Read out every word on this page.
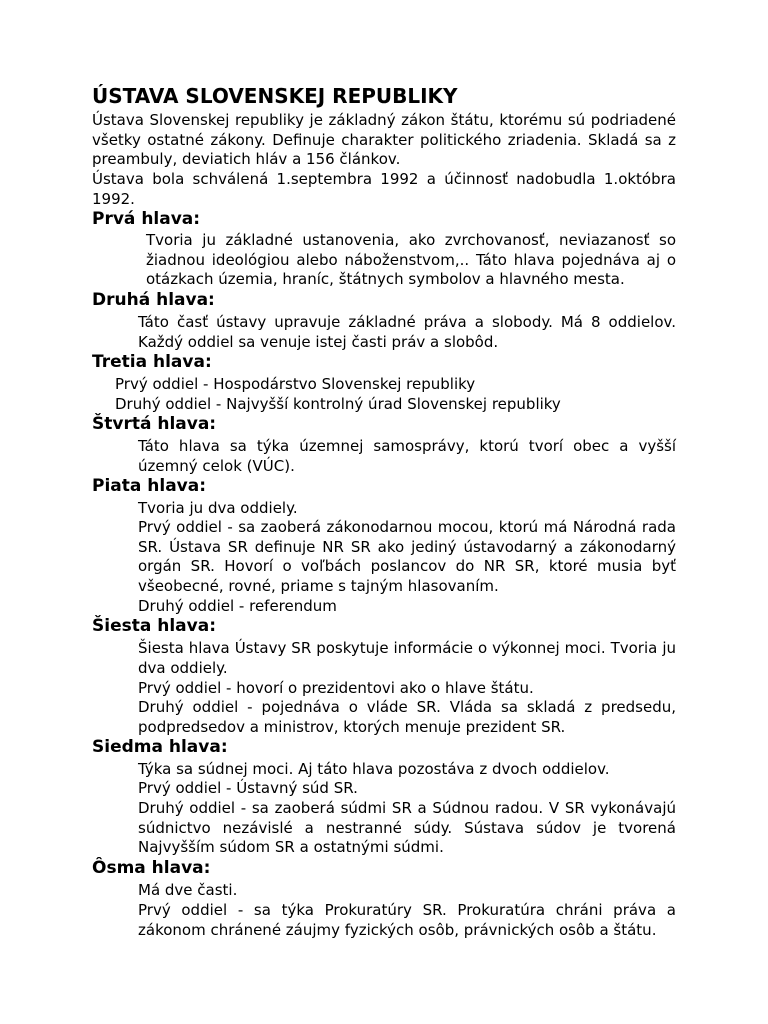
ÚSTAVA SLOVENSKEJ REPUBLIKY

Ústava Slovenskej republiky je základný zákon štátu, ktorému sú podriadené všetky ostatné zákony. Definuje charakter politického zriadenia. Skladá sa z preambuly, deviatich hláv a 156 článkov.

Ústava bola schválená 1.septembra 1992 a účinnosť nadobudla 1.októbra 1992.

Prvá hlava:

Tvoria ju základné ustanovenia, ako zvrchovanosť, neviazanosť so žiadnou ideológiou alebo náboženstvom,.. Táto hlava pojednáva aj o otázkach územia, hraníc, štátnych symbolov a hlavného mesta.

Druhá hlava:

Táto časť ústavy upravuje základné práva a slobody. Má 8 oddielov. Každý oddiel sa venuje istej časti práv a slobôd.

Tretia hlava:

Prvý oddiel - Hospodárstvo Slovenskej republiky

Druhý oddiel - Najvyšší kontrolný úrad Slovenskej republiky

Štvrtá hlava:

Táto hlava sa týka územnej samosprávy, ktorú tvorí obec a vyšší územný celok (VÚC).

Piata hlava:

Tvoria ju dva oddiely.

Prvý oddiel - sa zaoberá zákonodarnou mocou, ktorú má Národná rada SR. Ústava SR definuje NR SR ako jediný ústavodarný a zákonodarný orgán SR. Hovorí o voľbách poslancov do NR SR, ktoré musia byť všeobecné, rovné, priame s tajným hlasovaním.

Druhý oddiel - referendum

Šiesta hlava:

Šiesta hlava Ústavy SR poskytuje informácie o výkonnej moci. Tvoria ju dva oddiely.

Prvý oddiel - hovorí o prezidentovi ako o hlave štátu.

Druhý oddiel - pojednáva o vláde SR. Vláda sa skladá z predsedu, podpredsedov a ministrov, ktorých menuje prezident SR.

Siedma hlava:

Týka sa súdnej moci. Aj táto hlava pozostáva z dvoch oddielov.

Prvý oddiel - Ústavný súd SR.

Druhý oddiel - sa zaoberá súdmi SR a Súdnou radou. V SR vykonávajú súdnictvo nezávislé a nestranné súdy. Sústava súdov je tvorená Najvyšším súdom SR a ostatnými súdmi.

Ôsma hlava:

Má dve časti.

Prvý oddiel - sa týka Prokuratúry SR. Prokuratúra chráni práva a zákonom chránené záujmy fyzických osôb, právnických osôb a štátu.
